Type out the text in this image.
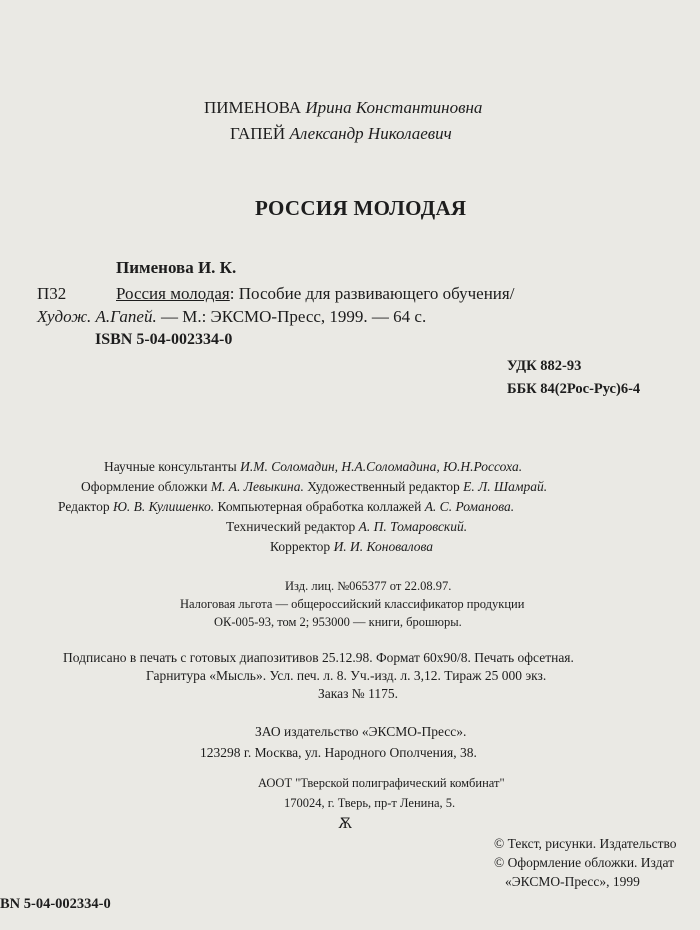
ПИМЕНОВА Ирина Константиновна
ГАПЕЙ Александр Николаевич
РОССИЯ МОЛОДАЯ
Пименова И. К.
П32	Россия молодая: Пособие для развивающего обучения/
Худож. А.Гапей. — М.: ЭКСМО-Пресс, 1999. — 64 с.
ISBN 5-04-002334-0
УДК 882-93
ББК 84(2Рос-Рус)6-4
Научные консультанты И.М. Соломадин, Н.А.Соломадина, Ю.Н.Россоха.
Оформление обложки М. А. Левыкина. Художественный редактор Е. Л. Шамрай.
Редактор Ю. В. Кулишенко. Компьютерная обработка коллажей А. С. Романова.
Технический редактор А. П. Томаровский.
Корректор И. И. Коновалова
Изд. лиц. №065377 от 22.08.97.
Налоговая льгота — общероссийский классификатор продукции
ОК-005-93, том 2; 953000 — книги, брошюры.
Подписано в печать с готовых диапозитивов 25.12.98. Формат 60х90/8. Печать офсетная.
Гарнитура «Мысль». Усл. печ. л. 8. Уч.-изд. л. 3,12. Тираж 25 000 экз.
Заказ № 1175.
ЗАО издательство «ЭКСМО-Пресс».
123298 г. Москва, ул. Народного Ополчения, 38.
АООТ "Тверской полиграфический комбинат"
170024, г. Тверь, пр-т Ленина, 5.
Ѫ
© Текст, рисунки. Издательство
© Оформление обложки. Издат
«ЭКСМО-Пресс», 1999
BN 5-04-002334-0
